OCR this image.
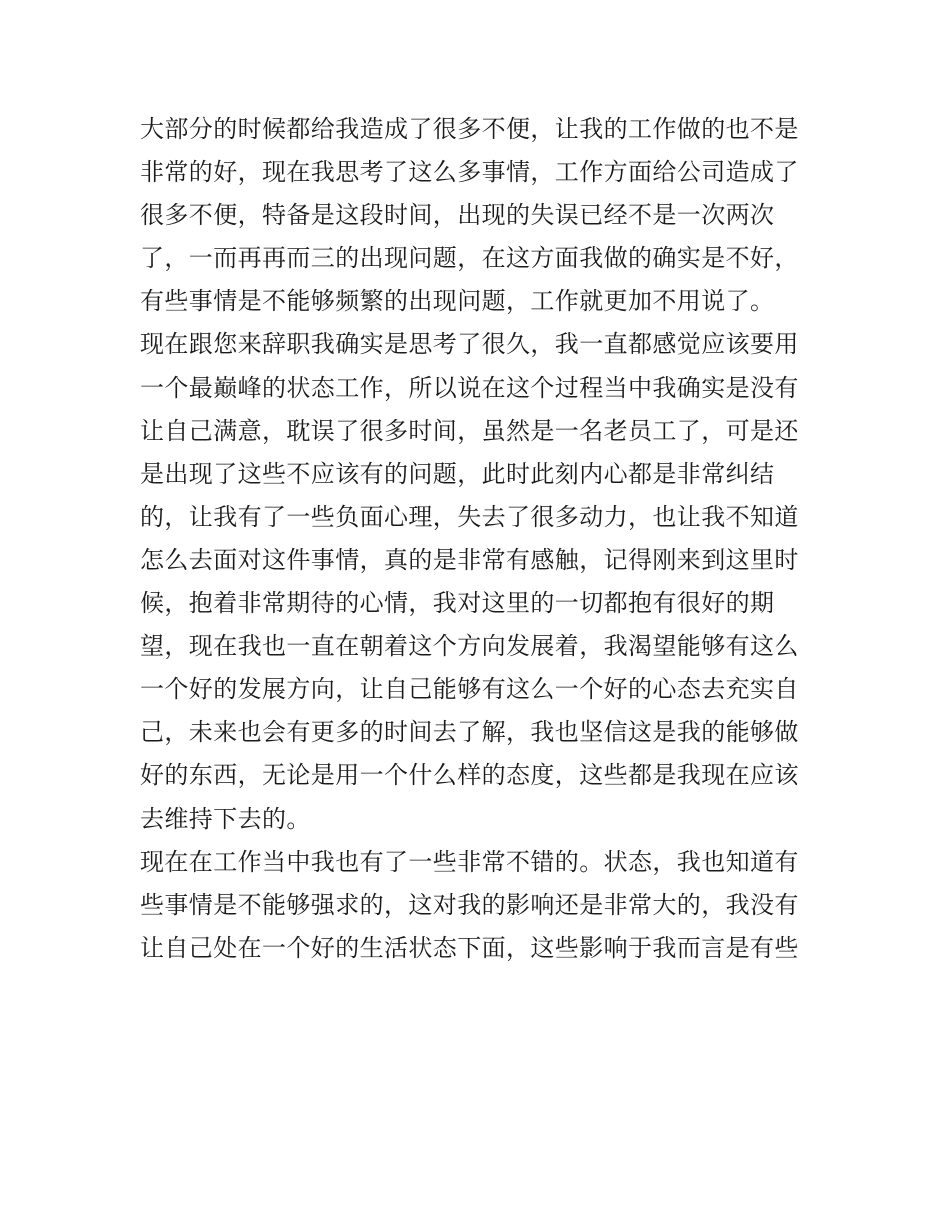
大部分的时候都给我造成了很多不便，让我的工作做的也不是
非常的好，现在我思考了这么多事情，工作方面给公司造成了
很多不便，特备是这段时间，出现的失误已经不是一次两次
了，一而再再而三的出现问题，在这方面我做的确实是不好，
有些事情是不能够频繁的出现问题，工作就更加不用说了。
现在跟您来辞职我确实是思考了很久，我一直都感觉应该要用
一个最巅峰的状态工作，所以说在这个过程当中我确实是没有
让自己满意，耽误了很多时间，虽然是一名老员工了，可是还
是出现了这些不应该有的问题，此时此刻内心都是非常纠结
的，让我有了一些负面心理，失去了很多动力，也让我不知道
怎么去面对这件事情，真的是非常有感触，记得刚来到这里时
候，抱着非常期待的心情，我对这里的一切都抱有很好的期
望，现在我也一直在朝着这个方向发展着，我渴望能够有这么
一个好的发展方向，让自己能够有这么一个好的心态去充实自
己，未来也会有更多的时间去了解，我也坚信这是我的能够做
好的东西，无论是用一个什么样的态度，这些都是我现在应该
去维持下去的。
现在在工作当中我也有了一些非常不错的。状态，我也知道有
些事情是不能够强求的，这对我的影响还是非常大的，我没有
让自己处在一个好的生活状态下面，这些影响于我而言是有些
